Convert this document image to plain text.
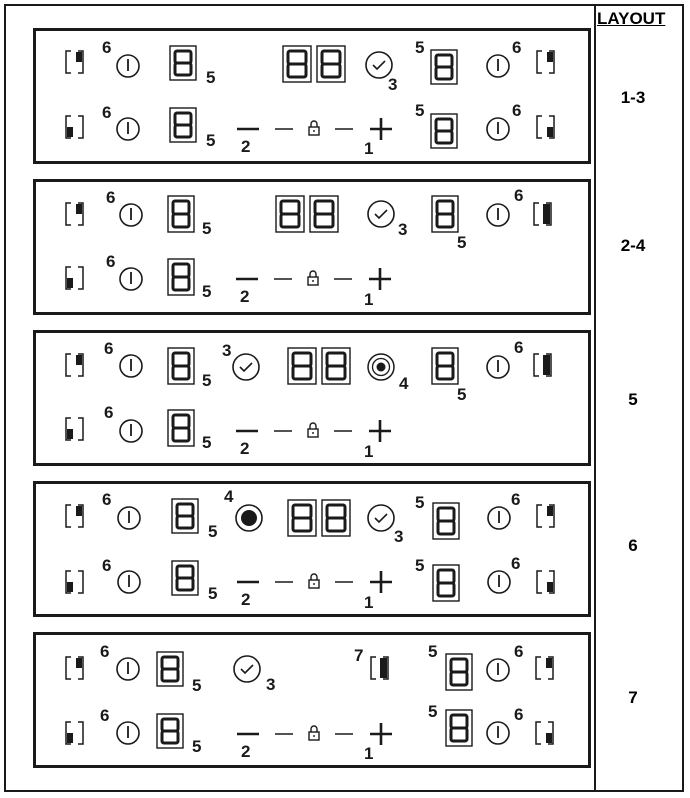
LAYOUT
1-3
2-4
5
6
7
6
5	3
5	6
6
5 2	1
5	6
6
5	3
5
6
6
5 2	1
6
5
3
4
5
6
6
5 2	1
6
5
4
3
5	6
6
5 2	1
5	6
6
5	3
7	5	6
6
5 2	1
5	6
